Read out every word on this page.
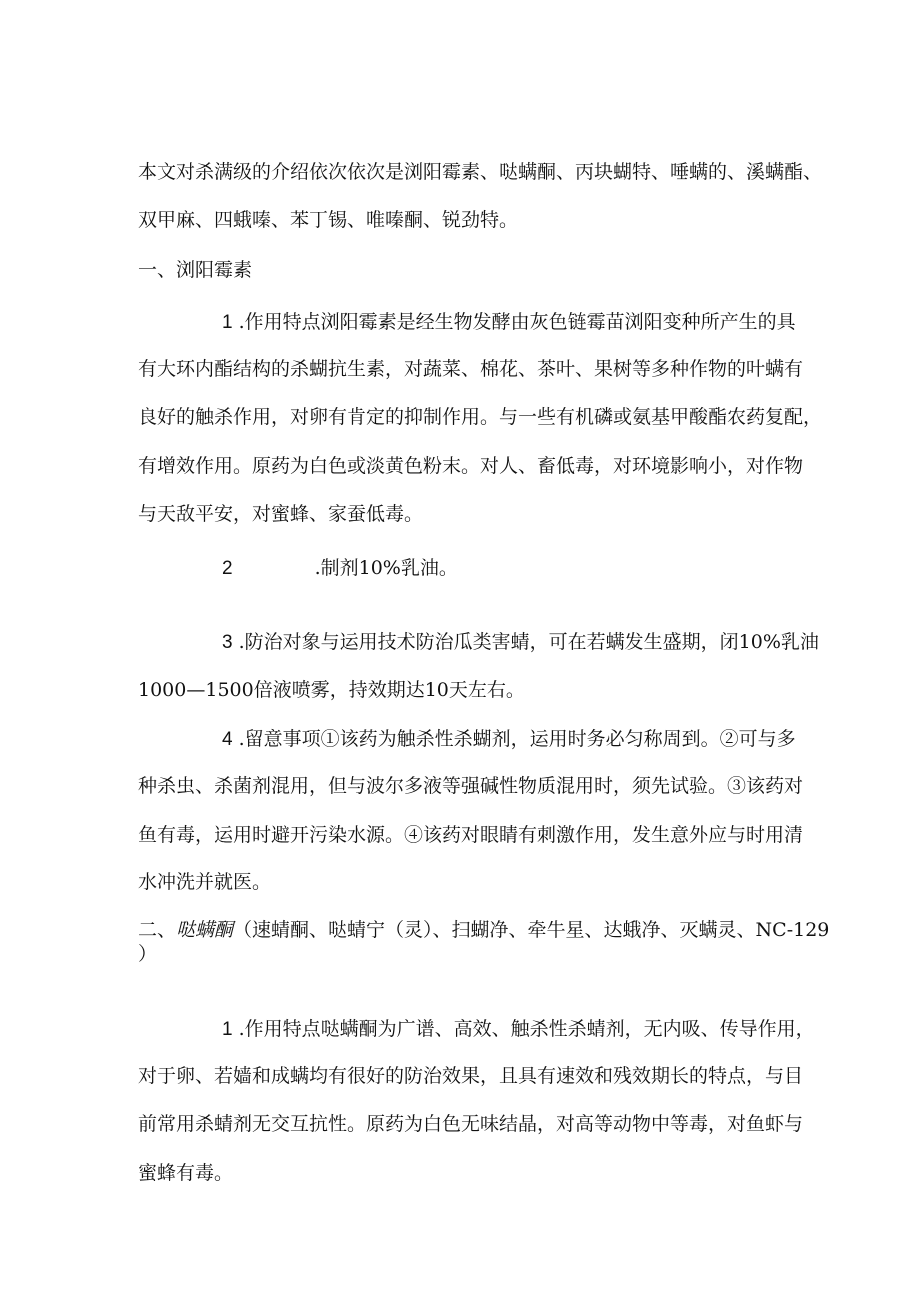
本文对杀满级的介绍依次依次是浏阳霉素、哒螨酮、丙块蝴特、唾螨的、溪螨酯、
双甲麻、四蛾嗪、苯丁锡、唯嗪酮、锐劲特。
一、浏阳霉素
1 .作用特点浏阳霉素是经生物发酵由灰色链霉苗浏阳变种所产生的具
有大环内酯结构的杀蝴抗生素，对蔬菜、棉花、茶叶、果树等多种作物的叶螨有
良好的触杀作用，对卵有肯定的抑制作用。与一些有机磷或氨基甲酸酯农药复配，
有增效作用。原药为白色或淡黄色粉末。对人、畜低毒，对环境影响小，对作物
与天敌平安，对蜜蜂、家蚕低毒。
2	.制剂10%乳油。
3 .防治对象与运用技术防治瓜类害蜻，可在若螨发生盛期，闭10%乳油
1000—1500倍液喷雾，持效期达10天左右。
4 .留意事项①该药为触杀性杀蝴剂，运用时务必匀称周到。②可与多
种杀虫、杀菌剂混用，但与波尔多液等强碱性物质混用时，须先试验。③该药对
鱼有毒，运用时避开污染水源。④该药对眼睛有刺激作用，发生意外应与时用清
水冲洗并就医。
二、哒螨酮（速蜻酮、哒蜻宁（灵）、扫蝴净、牵牛星、达蛾净、灭螨灵、NC-129
）
1 .作用特点哒螨酮为广谱、高效、触杀性杀蜻剂，无内吸、传导作用，
对于卵、若嫱和成螨均有很好的防治效果，且具有速效和残效期长的特点，与目
前常用杀蜻剂无交互抗性。原药为白色无味结晶，对高等动物中等毒，对鱼虾与
蜜蜂有毒。
